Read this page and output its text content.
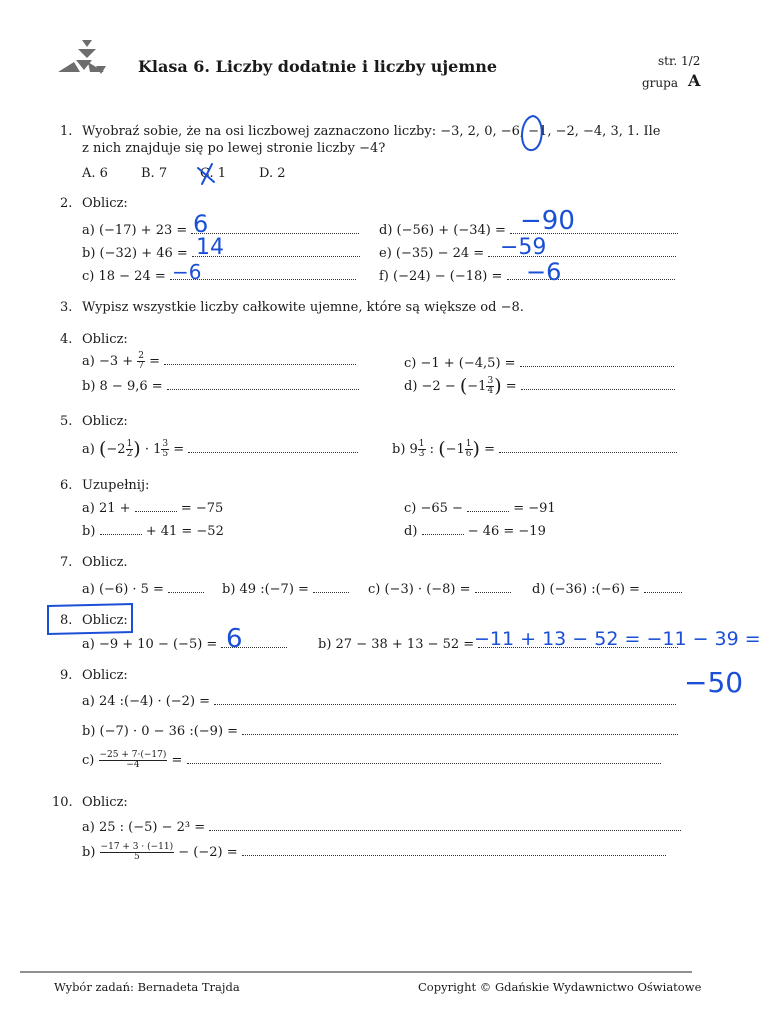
Klasa 6. Liczby dodatnie i liczby ujemne	str. 1/2
grupa A
1. Wyobraź sobie, że na osi liczbowej zaznaczono liczby: −3, 2, 0, −6, −1, −2, −4, 3, 1. Ile
z nich znajduje się po lewej stronie liczby −4?
A. 6	B. 7	C. 1	D. 2
2. Oblicz:
a) (−17) + 23 =
b) (−32) + 46 =
c) 18 − 24 =
d) (−56) + (−34) =
e) (−35) − 24 =
f) (−24) − (−18) =
3. Wypisz wszystkie liczby całkowite ujemne, które są większe od −8.
4. Oblicz:
$a) -3 + \frac{2}{7}$ =
b) 8 − 9,6 =
c) −1 + (−4,5) =
$d) -2 - (-1 \frac{3}{4}$ ) =
5. Oblicz:
a) ($-2 \frac{1}{2}$ ) · $1 \frac{3}{5}$ =	b) $9 \frac{1}{3}$ : ($-1 \frac{1}{6}$ ) =
6. Uzupełnij:
a) 21 +	= −75
b)	+ 41 = −52
c) −65 −	= −91
d)	− 46 = −19
7. Oblicz.
a) (−6) · 5 =	b) 49 :(−7) =	c) (−3) · (−8) =	d) (−36) :(−6) =
8. Oblicz:
a) −9 + 10 − (−5) =	b) 27 − 38 + 13 − 52 =
9. Oblicz:
a) 24 :(−4) · (−2) =
b) (−7) · 0 − 36 :(−9) =
$c) \frac{-25 + 7\cdot(-17)}{-4}$ =
10. Oblicz:
a) 25 : (−5) − 2³ =
$b) \frac{-17 + 3 \cdot (-11)}{5} - (-2)$ =
6
14
−6
−90
−59
−6
6	−11 + 13 − 52 = −11 − 39 =
−50
Wybór zadań: Bernadeta Trajda	Copyright © Gdańskie Wydawnictwo Oświatowe
